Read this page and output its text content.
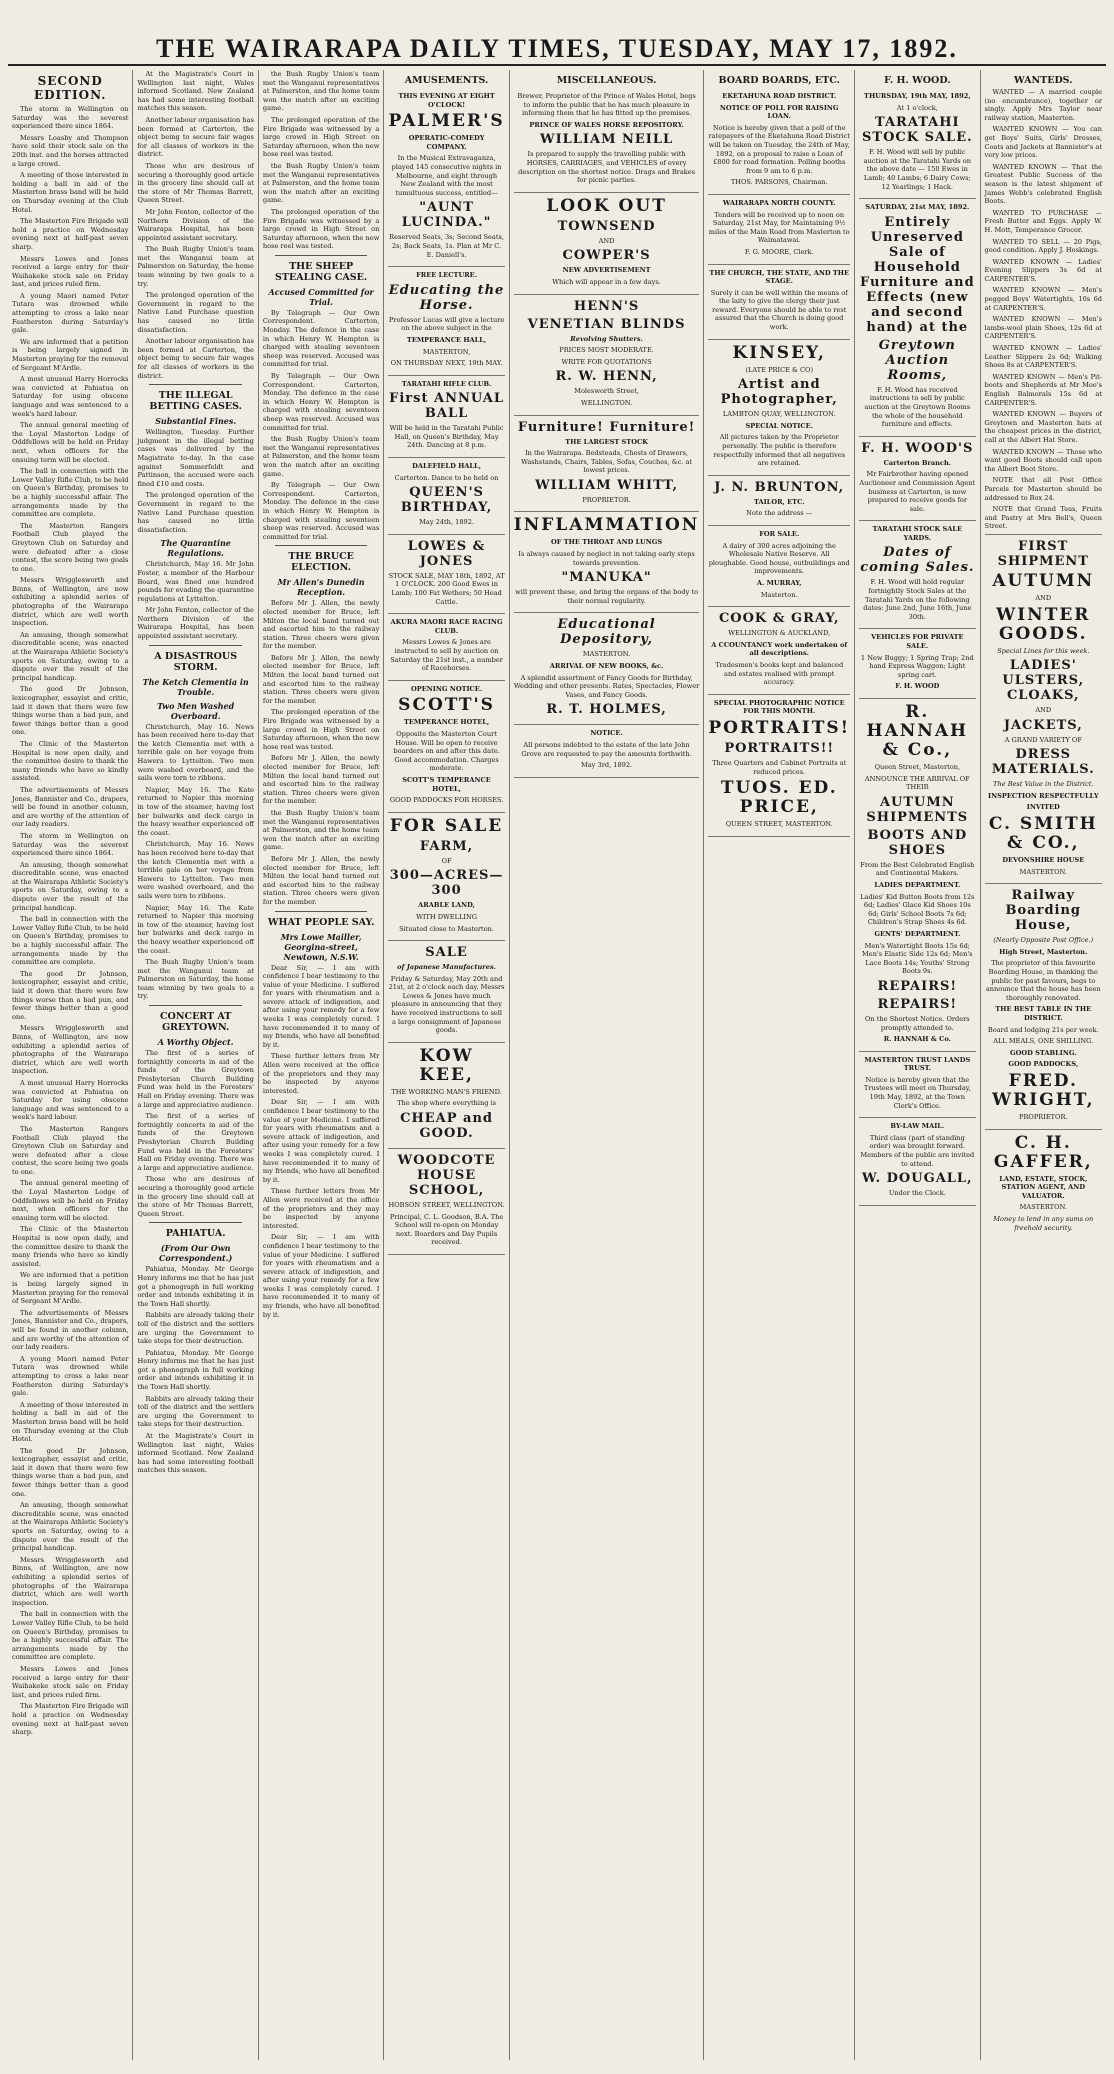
THE WAIRARAPA DAILY TIMES, TUESDAY, MAY 17, 1892.
SECOND EDITION.

The storm in Wellington on Saturday was the severest experienced there since 1864.

Messrs Loasby and Thompson have sold their stock sale on the 20th inst. and the horses attracted a large crowd.

A meeting of those interested in holding a ball in aid of the Masterton brass band will be held on Thursday evening at the Club Hotel.

The Masterton Fire Brigade will hold a practice on Wednesday evening next at half-past seven sharp.

Messrs Lowes and Jones received a large entry for their Waihakeke stock sale on Friday last, and prices ruled firm.

A young Maori named Peter Tutara was drowned while attempting to cross a lake near Featherston during Saturday's gale.

We are informed that a petition is being largely signed in Masterton praying for the removal of Sergeant M'Ardle.

A most unusual Harry Horrocks was convicted at Pahiatua on Saturday for using obscene language and was sentenced to a week's hard labour.

The annual general meeting of the Loyal Masterton Lodge of Oddfellows will be held on Friday next, when officers for the ensuing term will be elected.

The ball in connection with the Lower Valley Rifle Club, to be held on Queen's Birthday, promises to be a highly successful affair. The arrangements made by the committee are complete.

The Masterton Rangers Football Club played the Greytown Club on Saturday and were defeated after a close contest, the score being two goals to one.

Messrs Wrigglesworth and Binns, of Wellington, are now exhibiting a splendid series of photographs of the Wairarapa district, which are well worth inspection.

An amusing, though somewhat discreditable scene, was enacted at the Wairarapa Athletic Society's sports on Saturday, owing to a dispute over the result of the principal handicap.

The good Dr Johnson, lexicographer, essayist and critic, laid it down that there were few things worse than a bad pun, and fewer things better than a good one.

The Clinic of the Masterton Hospital is now open daily, and the committee desire to thank the many friends who have so kindly assisted.

The advertisements of Messrs Jones, Bannister and Co., drapers, will be found in another column, and are worthy of the attention of our lady readers.

The storm in Wellington on Saturday was the severest experienced there since 1864.

An amusing, though somewhat discreditable scene, was enacted at the Wairarapa Athletic Society's sports on Saturday, owing to a dispute over the result of the principal handicap.

The ball in connection with the Lower Valley Rifle Club, to be held on Queen's Birthday, promises to be a highly successful affair. The arrangements made by the committee are complete.

The good Dr Johnson, lexicographer, essayist and critic, laid it down that there were few things worse than a bad pun, and fewer things better than a good one.

Messrs Wrigglesworth and Binns, of Wellington, are now exhibiting a splendid series of photographs of the Wairarapa district, which are well worth inspection.

A most unusual Harry Horrocks was convicted at Pahiatua on Saturday for using obscene language and was sentenced to a week's hard labour.

The Masterton Rangers Football Club played the Greytown Club on Saturday and were defeated after a close contest, the score being two goals to one.

The annual general meeting of the Loyal Masterton Lodge of Oddfellows will be held on Friday next, when officers for the ensuing term will be elected.

The Clinic of the Masterton Hospital is now open daily, and the committee desire to thank the many friends who have so kindly assisted.

We are informed that a petition is being largely signed in Masterton praying for the removal of Sergeant M'Ardle.

The advertisements of Messrs Jones, Bannister and Co., drapers, will be found in another column, and are worthy of the attention of our lady readers.

A young Maori named Peter Tutara was drowned while attempting to cross a lake near Featherston during Saturday's gale.

A meeting of those interested in holding a ball in aid of the Masterton brass band will be held on Thursday evening at the Club Hotel.

The good Dr Johnson, lexicographer, essayist and critic, laid it down that there were few things worse than a bad pun, and fewer things better than a good one.

An amusing, though somewhat discreditable scene, was enacted at the Wairarapa Athletic Society's sports on Saturday, owing to a dispute over the result of the principal handicap.

Messrs Wrigglesworth and Binns, of Wellington, are now exhibiting a splendid series of photographs of the Wairarapa district, which are well worth inspection.

The ball in connection with the Lower Valley Rifle Club, to be held on Queen's Birthday, promises to be a highly successful affair. The arrangements made by the committee are complete.

Messrs Lowes and Jones received a large entry for their Waihakeke stock sale on Friday last, and prices ruled firm.

The Masterton Fire Brigade will hold a practice on Wednesday evening next at half-past seven sharp.

At the Magistrate's Court in Wellington last night, Wales informed Scotland. New Zealand has had some interesting football matches this season.

Another labour organisation has been formed at Carterton, the object being to secure fair wages for all classes of workers in the district.

Those who are desirous of securing a thoroughly good article in the grocery line should call at the store of Mr Thomas Barrett, Queen Street.

Mr John Fenton, collector of the Northern Division of the Wairarapa Hospital, has been appointed assistant secretary.

The Bush Rugby Union's team met the Wanganui team at Palmerston on Saturday, the home team winning by two goals to a try.

The prolonged operation of the Government in regard to the Native Land Purchase question has caused no little dissatisfaction.

Another labour organisation has been formed at Carterton, the object being to secure fair wages for all classes of workers in the district.

THE ILLEGAL BETTING CASES.
Substantial Fines.

Wellington, Tuesday. Further judgment in the illegal betting cases was delivered by the Magistrate to-day. In the case against Sommerfeldt and Pattinson, the accused were each fined £10 and costs.

The prolonged operation of the Government in regard to the Native Land Purchase question has caused no little dissatisfaction.

The Quarantine Regulations.

Christchurch, May 16. Mr John Foster, a member of the Harbour Board, was fined one hundred pounds for evading the quarantine regulations at Lyttelton.

Mr John Fenton, collector of the Northern Division of the Wairarapa Hospital, has been appointed assistant secretary.

A DISASTROUS STORM.
The Ketch Clementia in Trouble.
Two Men Washed Overboard.

Christchurch, May 16. News has been received here to-day that the ketch Clementia met with a terrible gale on her voyage from Hawera to Lyttelton. Two men were washed overboard, and the sails were torn to ribbons.

Napier, May 16. The Kate returned to Napier this morning in tow of the steamer, having lost her bulwarks and deck cargo in the heavy weather experienced off the coast.

Christchurch, May 16. News has been received here to-day that the ketch Clementia met with a terrible gale on her voyage from Hawera to Lyttelton. Two men were washed overboard, and the sails were torn to ribbons.

Napier, May 16. The Kate returned to Napier this morning in tow of the steamer, having lost her bulwarks and deck cargo in the heavy weather experienced off the coast.

The Bush Rugby Union's team met the Wanganui team at Palmerston on Saturday, the home team winning by two goals to a try.

CONCERT AT GREYTOWN.
A Worthy Object.

The first of a series of fortnightly concerts in aid of the funds of the Greytown Presbyterian Church Building Fund was held in the Foresters' Hall on Friday evening. There was a large and appreciative audience.

The first of a series of fortnightly concerts in aid of the funds of the Greytown Presbyterian Church Building Fund was held in the Foresters' Hall on Friday evening. There was a large and appreciative audience.

Those who are desirous of securing a thoroughly good article in the grocery line should call at the store of Mr Thomas Barrett, Queen Street.

PAHIATUA.
(From Our Own Correspondent.)

Pahiatua, Monday. Mr George Henry informs me that he has just got a phonograph in full working order and intends exhibiting it in the Town Hall shortly.

Rabbits are already taking their toll of the district and the settlers are urging the Government to take steps for their destruction.

Pahiatua, Monday. Mr George Henry informs me that he has just got a phonograph in full working order and intends exhibiting it in the Town Hall shortly.

Rabbits are already taking their toll of the district and the settlers are urging the Government to take steps for their destruction.

At the Magistrate's Court in Wellington last night, Wales informed Scotland. New Zealand has had some interesting football matches this season.

the Bush Rugby Union's team met the Wanganui representatives at Palmerston, and the home team won the match after an exciting game.

The prolonged operation of the Fire Brigade was witnessed by a large crowd in High Street on Saturday afternoon, when the new hose reel was tested.

the Bush Rugby Union's team met the Wanganui representatives at Palmerston, and the home team won the match after an exciting game.

The prolonged operation of the Fire Brigade was witnessed by a large crowd in High Street on Saturday afternoon, when the new hose reel was tested.

THE SHEEP STEALING CASE.
Accused Committed for Trial.

By Telegraph — Our Own Correspondent. Carterton, Monday. The defence in the case in which Henry W. Hempton is charged with stealing seventeen sheep was reserved. Accused was committed for trial.

By Telegraph — Our Own Correspondent. Carterton, Monday. The defence in the case in which Henry W. Hempton is charged with stealing seventeen sheep was reserved. Accused was committed for trial.

the Bush Rugby Union's team met the Wanganui representatives at Palmerston, and the home team won the match after an exciting game.

By Telegraph — Our Own Correspondent. Carterton, Monday. The defence in the case in which Henry W. Hempton is charged with stealing seventeen sheep was reserved. Accused was committed for trial.

THE BRUCE ELECTION.
Mr Allen's Dunedin Reception.

Before Mr J. Allen, the newly elected member for Bruce, left Milton the local band turned out and escorted him to the railway station. Three cheers were given for the member.

Before Mr J. Allen, the newly elected member for Bruce, left Milton the local band turned out and escorted him to the railway station. Three cheers were given for the member.

The prolonged operation of the Fire Brigade was witnessed by a large crowd in High Street on Saturday afternoon, when the new hose reel was tested.

Before Mr J. Allen, the newly elected member for Bruce, left Milton the local band turned out and escorted him to the railway station. Three cheers were given for the member.

the Bush Rugby Union's team met the Wanganui representatives at Palmerston, and the home team won the match after an exciting game.

Before Mr J. Allen, the newly elected member for Bruce, left Milton the local band turned out and escorted him to the railway station. Three cheers were given for the member.

WHAT PEOPLE SAY.
Mrs Lowe Mailler, Georgina-street, Newtown, N.S.W.

Dear Sir, — I am with confidence I bear testimony to the value of your Medicine. I suffered for years with rheumatism and a severe attack of indigestion, and after using your remedy for a few weeks I was completely cured. I have recommended it to many of my friends, who have all benefited by it.

These further letters from Mr Allen were received at the office of the proprietors and they may be inspected by anyone interested.

Dear Sir, — I am with confidence I bear testimony to the value of your Medicine. I suffered for years with rheumatism and a severe attack of indigestion, and after using your remedy for a few weeks I was completely cured. I have recommended it to many of my friends, who have all benefited by it.

These further letters from Mr Allen were received at the office of the proprietors and they may be inspected by anyone interested.

Dear Sir, — I am with confidence I bear testimony to the value of your Medicine. I suffered for years with rheumatism and a severe attack of indigestion, and after using your remedy for a few weeks I was completely cured. I have recommended it to many of my friends, who have all benefited by it.

AMUSEMENTS.

THIS EVENING AT EIGHT O'CLOCK!

PALMER'S

OPERATIC-COMEDY COMPANY.

In the Musical Extravaganza, played 145 consecutive nights in Melbourne, and eight through New Zealand with the most tumultuous success, entitled—

"AUNT LUCINDA."

Reserved Seats, 3s; Second Seats, 2s; Back Seats, 1s. Plan at Mr C. E. Daniell's.

FREE LECTURE.

Educating the Horse.

Professor Lucas will give a lecture on the above subject in the

TEMPERANCE HALL,

MASTERTON,

ON THURSDAY NEXT, 19th MAY.

TARATAHI RIFLE CLUB.

First ANNUAL BALL

Will be held in the Taratahi Public Hall, on Queen's Birthday, May 24th. Dancing at 8 p.m.

DALEFIELD HALL,

Carterton. Dance to be held on

QUEEN'S BIRTHDAY,

May 24th, 1892.

LOWES & JONES

STOCK SALE, MAY 18th, 1892, AT 1 O'CLOCK. 200 Good Ewes in Lamb; 100 Fat Wethers; 50 Head Cattle.

AKURA MAORI RACE RACING CLUB.

Messrs Lowes & Jones are instructed to sell by auction on Saturday the 21st inst., a number of Racehorses.

OPENING NOTICE.

SCOTT'S

TEMPERANCE HOTEL,

Opposite the Masterton Court House. Will be open to receive boarders on and after this date. Good accommodation. Charges moderate.

SCOTT'S TEMPERANCE HOTEL,

GOOD PADDOCKS FOR HORSES.

FOR SALE

FARM,

OF

300—ACRES—300

ARABLE LAND,

WITH DWELLING

Situated close to Masterton.

SALE

of Japanese Manufactures.

Friday & Saturday, May 20th and 21st, at 2 o'clock each day. Messrs Lowes & Jones have much pleasure in announcing that they have received instructions to sell a large consignment of Japanese goods.

KOW KEE,

THE WORKING MAN'S FRIEND.

The shop where everything is

CHEAP and GOOD.

WOODCOTE HOUSE SCHOOL,

HOBSON STREET, WELLINGTON.

Principal, C. L. Goodson, B.A. The School will re-open on Monday next. Boarders and Day Pupils received.

MISCELLANEOUS.

Brewer, Proprietor of the Prince of Wales Hotel, begs to inform the public that he has much pleasure in informing them that he has fitted up the premises.

PRINCE OF WALES HORSE REPOSITORY.

WILLIAM NEILL

Is prepared to supply the travelling public with HORSES, CARRIAGES, and VEHICLES of every description on the shortest notice. Drags and Brakes for picnic parties.

LOOK OUT

TOWNSEND

AND

COWPER'S

NEW ADVERTISEMENT

Which will appear in a few days.

HENN'S

VENETIAN BLINDS

Revolving Shutters.

PRICES MOST MODERATE.

WRITE FOR QUOTATIONS

R. W. HENN,

Molesworth Street,

WELLINGTON.

Furniture! Furniture!

THE LARGEST STOCK

In the Wairarapa. Bedsteads, Chests of Drawers, Washstands, Chairs, Tables, Sofas, Couches, &c. at lowest prices.

WILLIAM WHITT,

PROPRIETOR.

INFLAMMATION

OF THE THROAT AND LUNGS

Is always caused by neglect in not taking early steps towards prevention.

"MANUKA"

will prevent these, and bring the organs of the body to their normal regularity.

Educational Depository,

MASTERTON.

ARRIVAL OF NEW BOOKS, &c.

A splendid assortment of Fancy Goods for Birthday, Wedding and other presents. Rates, Spectacles, Flower Vases, and Fancy Goods.

R. T. HOLMES,

NOTICE.

All persons indebted to the estate of the late John Grove are requested to pay the amounts forthwith.

May 3rd, 1892.

BOARD BOARDS, ETC.

EKETAHUNA ROAD DISTRICT.

NOTICE OF POLL FOR RAISING LOAN.

Notice is hereby given that a poll of the ratepayers of the Eketahuna Road District will be taken on Tuesday, the 24th of May, 1892, on a proposal to raise a Loan of £800 for road formation. Polling booths from 9 am to 6 p.m.

THOS. PARSONS, Chairman.

WAIRARAPA NORTH COUNTY.

Tenders will be received up to noon on Saturday, 21st May, for Maintaining 9½ miles of the Main Road from Masterton to Waimatawai.

F. G. MOORE, Clerk.

THE CHURCH, THE STATE, AND THE STAGE.

Surely it can be well within the means of the laity to give the clergy their just reward. Everyone should be able to rest assured that the Church is doing good work.

KINSEY,

(LATE PRICE & CO)

Artist and Photographer,

LAMBTON QUAY, WELLINGTON.

SPECIAL NOTICE.

All pictures taken by the Proprietor personally. The public is therefore respectfully informed that all negatives are retained.

J. N. BRUNTON,

TAILOR, ETC.

Note the address —

FOR SALE.

A dairy of 300 acres adjoining the Wholesale Native Reserve. All ploughable. Good house, outbuildings and improvements.

A. MURRAY,

Masterton.

COOK & GRAY,

WELLINGTON & AUCKLAND,

A CCOUNTANCY work undertaken of all descriptions.

Tradesmen's books kept and balanced and estates realised with prompt accuracy.

SPECIAL PHOTOGRAPHIC NOTICE FOR THIS MONTH.

PORTRAITS!

PORTRAITS!!

Three Quarters and Cabinet Portraits at reduced prices.

TUOS. ED. PRICE,

QUEEN STREET, MASTERTON.

F. H. WOOD.

THURSDAY, 19th MAY, 1892,

At 1 o'clock,

TARATAHI STOCK SALE.

F. H. Wood will sell by public auction at the Taratahi Yards on the above date — 150 Ewes in Lamb; 40 Lambs; 6 Dairy Cows; 12 Yearlings; 1 Hack.

SATURDAY, 21st MAY, 1892.

Entirely Unreserved Sale of Household Furniture and Effects (new and second hand) at the

Greytown Auction Rooms,

F. H. Wood has received instructions to sell by public auction at the Greytown Rooms the whole of the household furniture and effects.

F. H. WOOD'S

Carterton Branch.

Mr Fairbrother having opened Auctioneer and Commission Agent business at Carterton, is now prepared to receive goods for sale.

TARATAHI STOCK SALE YARDS.

Dates of coming Sales.

F. H. Wood will hold regular fortnightly Stock Sales at the Taratahi Yards on the following dates: June 2nd, June 16th, June 30th.

VEHICLES FOR PRIVATE SALE.

1 New Buggy; 1 Spring Trap; 2nd hand Express Waggon; Light spring cart.

F. H. WOOD

R. HANNAH & Co.,

Queen Street, Masterton,

ANNOUNCE THE ARRIVAL OF THEIR

AUTUMN SHIPMENTS

BOOTS AND SHOES

From the Best Celebrated English and Continental Makers.

LADIES DEPARTMENT.

Ladies' Kid Button Boots from 12s 6d; Ladies' Glace Kid Shoes 10s 6d; Girls' School Boots 7s 6d; Children's Strap Shoes 4s 6d.

GENTS' DEPARTMENT.

Men's Watertight Boots 15s 6d; Men's Elastic Side 12s 6d; Men's Lace Boots 14s; Youths' Strong Boots 9s.

REPAIRS!

REPAIRS!

On the Shortest Notice. Orders promptly attended to.

R. HANNAH & Co.

MASTERTON TRUST LANDS TRUST.

Notice is hereby given that the Trustees will meet on Thursday, 19th May, 1892, at the Town Clerk's Office.

BY-LAW MAIL.

Third class (part of standing order) was brought forward. Members of the public are invited to attend.

W. DOUGALL,

Under the Clock.

WANTEDS.

WANTED — A married couple (no encumbrance), together or singly. Apply Mrs Taylor near railway station, Masterton.

WANTED KNOWN — You can get Boys' Suits, Girls' Dresses, Coats and Jackets at Bannister's at very low prices.

WANTED KNOWN — That the Greatest Public Success of the season is the latest shipment of James Webb's celebrated English Boots.

WANTED TO PURCHASE — Fresh Butter and Eggs. Apply W. H. Mott, Temperance Grocer.

WANTED TO SELL — 20 Pigs, good condition. Apply J. Hoskings.

WANTED KNOWN — Ladies' Evening Slippers 3s 6d at CARPENTER'S.

WANTED KNOWN — Men's pegged Boys' Watertights, 10s 6d at CARPENTER'S.

WANTED KNOWN — Men's lambs-wool plain Shoes, 12s 6d at CARPENTER'S.

WANTED KNOWN — Ladies' Leather Slippers 2s 6d; Walking Shoes 8s at CARPENTER'S.

WANTED KNOWN — Men's Pit-boots and Shepherds at Mr Moe's English Balmorals 15s 6d at CARPENTER'S.

WANTED KNOWN — Buyers of Greytown and Masterton hats at the cheapest prices in the district, call at the Albert Hat Store.

WANTED KNOWN — Those who want good Boots should call upon the Albert Boot Store.

NOTE that all Post Office Parcels for Masterton should be addressed to Box 24.

NOTE that Grand Teas, Fruits and Pastry at Mrs Bell's, Queen Street.

FIRST SHIPMENT

AUTUMN

AND

WINTER GOODS.

Special Lines for this week.

LADIES' ULSTERS, CLOAKS,

AND

JACKETS,

A GRAND VARIETY OF

DRESS MATERIALS.

The Best Value in the District.

INSPECTION RESPECTFULLY

INVITED

C. SMITH & CO.,

DEVONSHIRE HOUSE

MASTERTON.

Railway Boarding House,

(Nearly Opposite Post Office.)

High Street, Masterton.

The proprietor of this favourite Boarding House, in thanking the public for past favours, begs to announce that the house has been thoroughly renovated.

THE BEST TABLE IN THE DISTRICT.

Board and lodging 21s per week.

ALL MEALS, ONE SHILLING.

GOOD STABLING.

GOOD PADDOCKS,

FRED. WRIGHT,

PROPRIETOR.

C. H. GAFFER,

LAND, ESTATE, STOCK, STATION AGENT, AND VALUATOR.

MASTERTON.

Money to lend in any sums on freehold security.
